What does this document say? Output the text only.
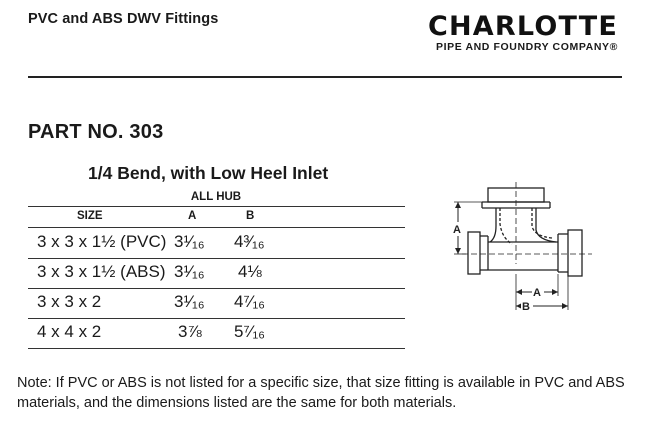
PVC and ABS DWV Fittings	CHARLOTTE
PIPE AND FOUNDRY COMPANY®
PART NO. 303
1/4 Bend, with Low Heel Inlet
ALL HUB
SIZE	A	B
3 x 3 x 1½ (PVC) 3¹⁄₁₆ 4³⁄₁₆
3 x 3 x 1½ (ABS) 3¹⁄₁₆ 4⅛
3 x 3 x 2	3¹⁄₁₆ 4⁷⁄₁₆
4 x 4 x 2	3⅞ 5⁷⁄₁₆
A
A
B
Note: If PVC or ABS is not listed for a specific size, that size fitting is available in PVC and ABS materials, and the dimensions listed are the same for both materials.
